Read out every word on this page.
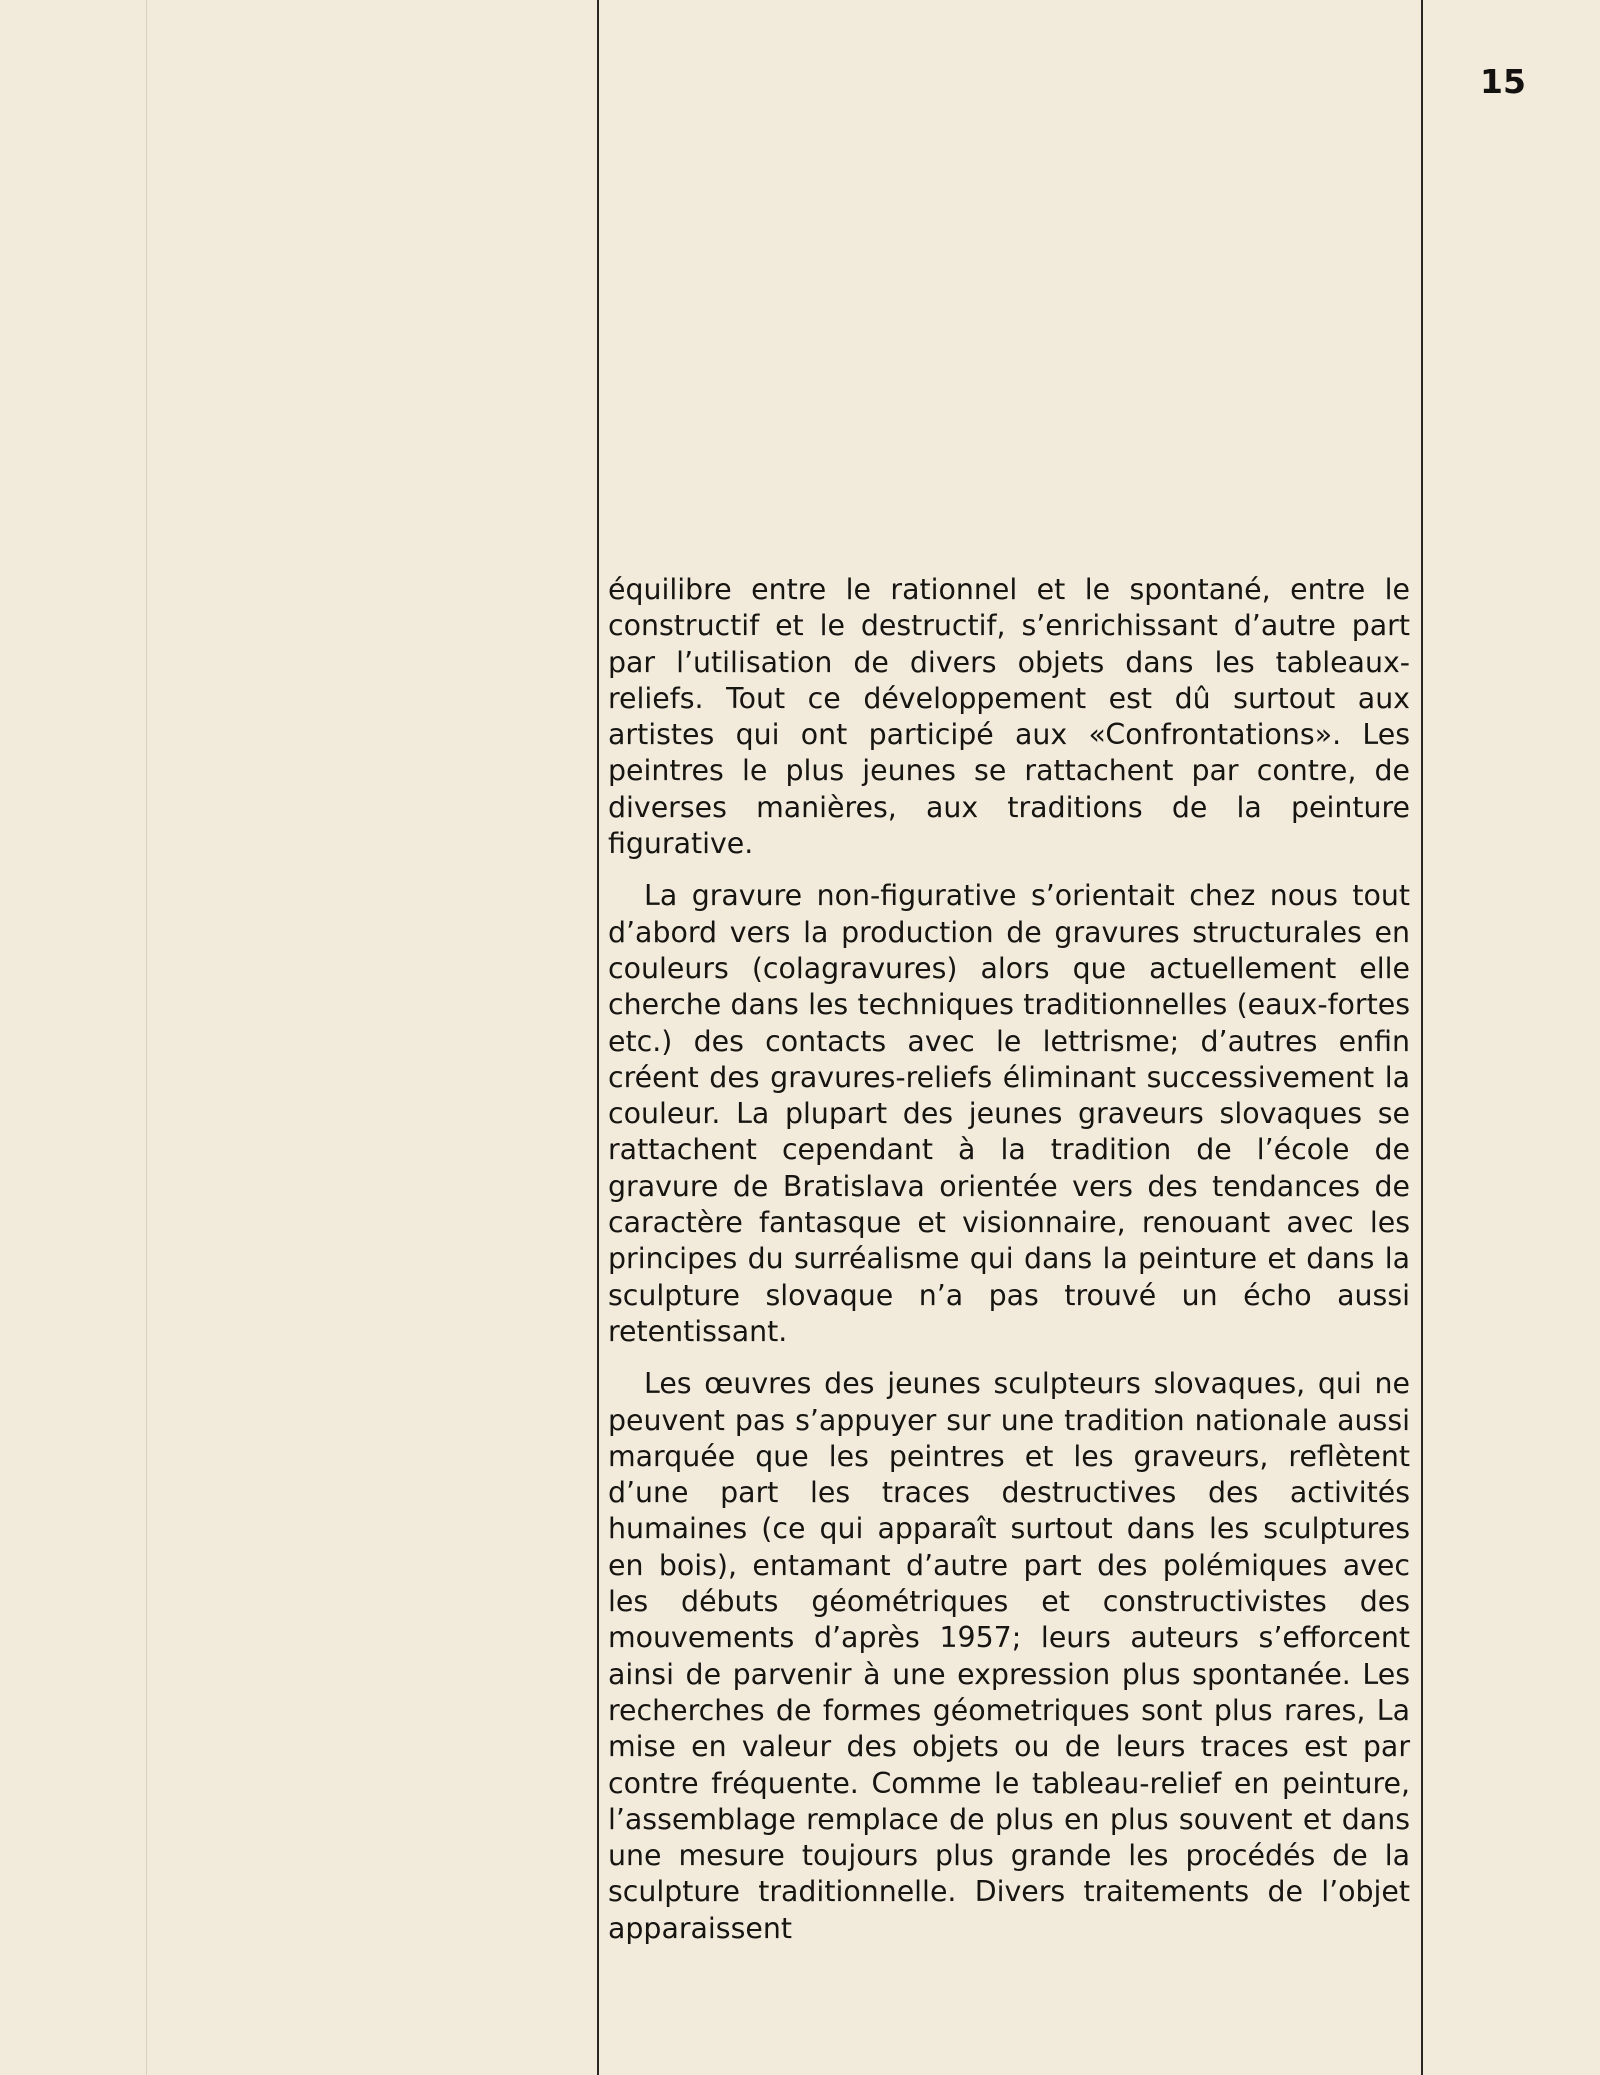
15

équilibre entre le rationnel et le spontané, entre le constructif et le destructif, s’enrichissant d’autre part par l’utilisation de divers objets dans les tableaux-reliefs. Tout ce développement est dû surtout aux artistes qui ont participé aux «Confrontations». Les peintres le plus jeunes se rattachent par contre, de diverses manières, aux traditions de la peinture figurative.

La gravure non-figurative s’orientait chez nous tout d’abord vers la production de gravures structurales en couleurs (colagravures) alors que actuellement elle cherche dans les techniques traditionnelles (eaux-fortes etc.) des contacts avec le lettrisme; d’autres enfin créent des gravures-reliefs éliminant successivement la couleur. La plupart des jeunes graveurs slovaques se rattachent cependant à la tradition de l’école de gravure de Bratislava orientée vers des tendances de caractère fantasque et visionnaire, renouant avec les principes du surréalisme qui dans la peinture et dans la sculpture slovaque n’a pas trouvé un écho aussi retentissant.

Les œuvres des jeunes sculpteurs slovaques, qui ne peuvent pas s’appuyer sur une tradition nationale aussi marquée que les peintres et les graveurs, reflètent d’une part les traces destructives des activités humaines (ce qui apparaît surtout dans les sculptures en bois), entamant d’autre part des polémiques avec les débuts géométriques et constructivistes des mouvements d’après 1957; leurs auteurs s’efforcent ainsi de parvenir à une expression plus spontanée. Les recherches de formes géometriques sont plus rares, La mise en valeur des objets ou de leurs traces est par contre fréquente. Comme le tableau-relief en peinture, l’assemblage remplace de plus en plus souvent et dans une mesure toujours plus grande les procédés de la sculpture traditionnelle. Divers traitements de l’objet apparaissent
